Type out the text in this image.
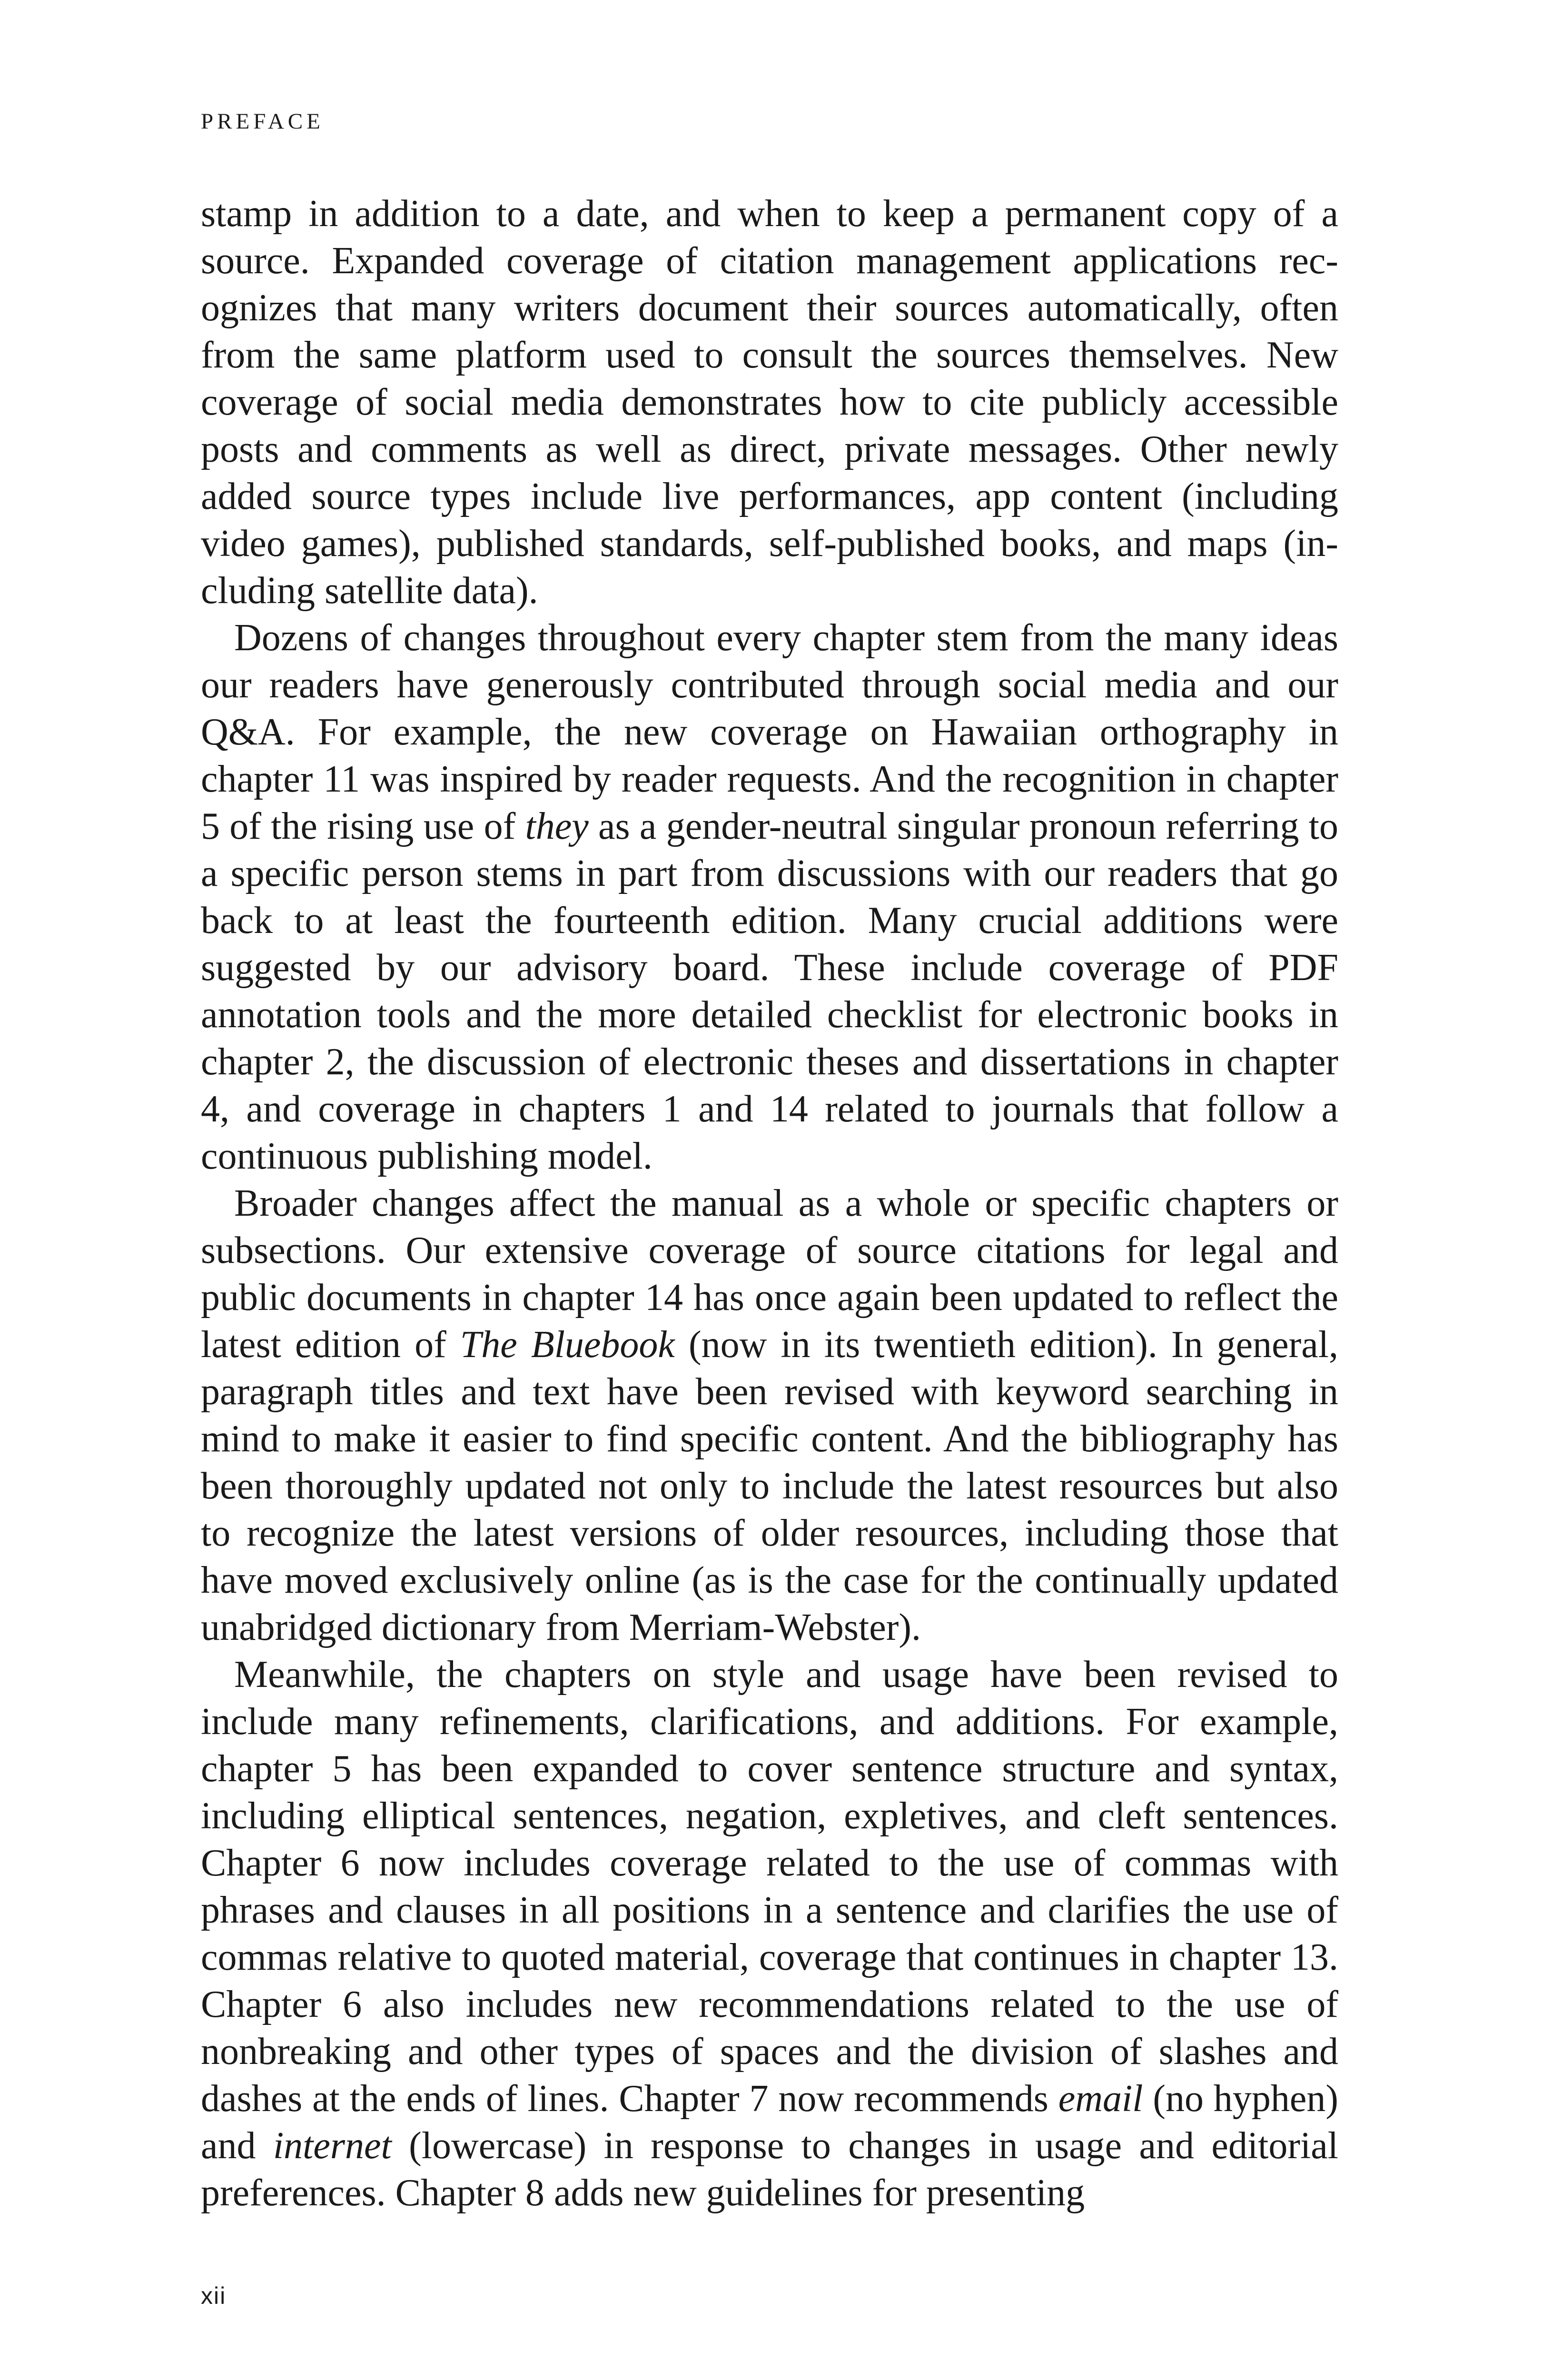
PREFACE

stamp in addition to a date, and when to keep a permanent copy of a source. Expanded coverage of citation management applications recognizes that many writers document their sources automatically, often from the same platform used to consult the sources themselves. New coverage of social media demonstrates how to cite publicly accessible posts and comments as well as direct, private messages. Other newly added source types include live performances, app content (including video games), published standards, self-published books, and maps (including satellite data).

Dozens of changes throughout every chapter stem from the many ideas our readers have generously contributed through social media and our Q&A. For example, the new coverage on Hawaiian orthography in chapter 11 was inspired by reader requests. And the recognition in chapter 5 of the rising use of they as a gender-neutral singular pronoun referring to a specific person stems in part from discussions with our readers that go back to at least the fourteenth edition. Many crucial additions were suggested by our advisory board. These include coverage of PDF annotation tools and the more detailed checklist for electronic books in chapter 2, the discussion of electronic theses and dissertations in chapter 4, and coverage in chapters 1 and 14 related to journals that follow a continuous publishing model.

Broader changes affect the manual as a whole or specific chapters or subsections. Our extensive coverage of source citations for legal and public documents in chapter 14 has once again been updated to reflect the latest edition of The Bluebook (now in its twentieth edition). In general, paragraph titles and text have been revised with keyword searching in mind to make it easier to find specific content. And the bibliography has been thoroughly updated not only to include the latest resources but also to recognize the latest versions of older resources, including those that have moved exclusively online (as is the case for the continually updated unabridged dictionary from Merriam-Webster).

Meanwhile, the chapters on style and usage have been revised to include many refinements, clarifications, and additions. For example, chapter 5 has been expanded to cover sentence structure and syntax, including elliptical sentences, negation, expletives, and cleft sentences. Chapter 6 now includes coverage related to the use of commas with phrases and clauses in all positions in a sentence and clarifies the use of commas relative to quoted material, coverage that continues in chapter 13. Chapter 6 also includes new recommendations related to the use of nonbreaking and other types of spaces and the division of slashes and dashes at the ends of lines. Chapter 7 now recommends email (no hyphen) and internet (lowercase) in response to changes in usage and editorial preferences. Chapter 8 adds new guidelines for presenting

xii
